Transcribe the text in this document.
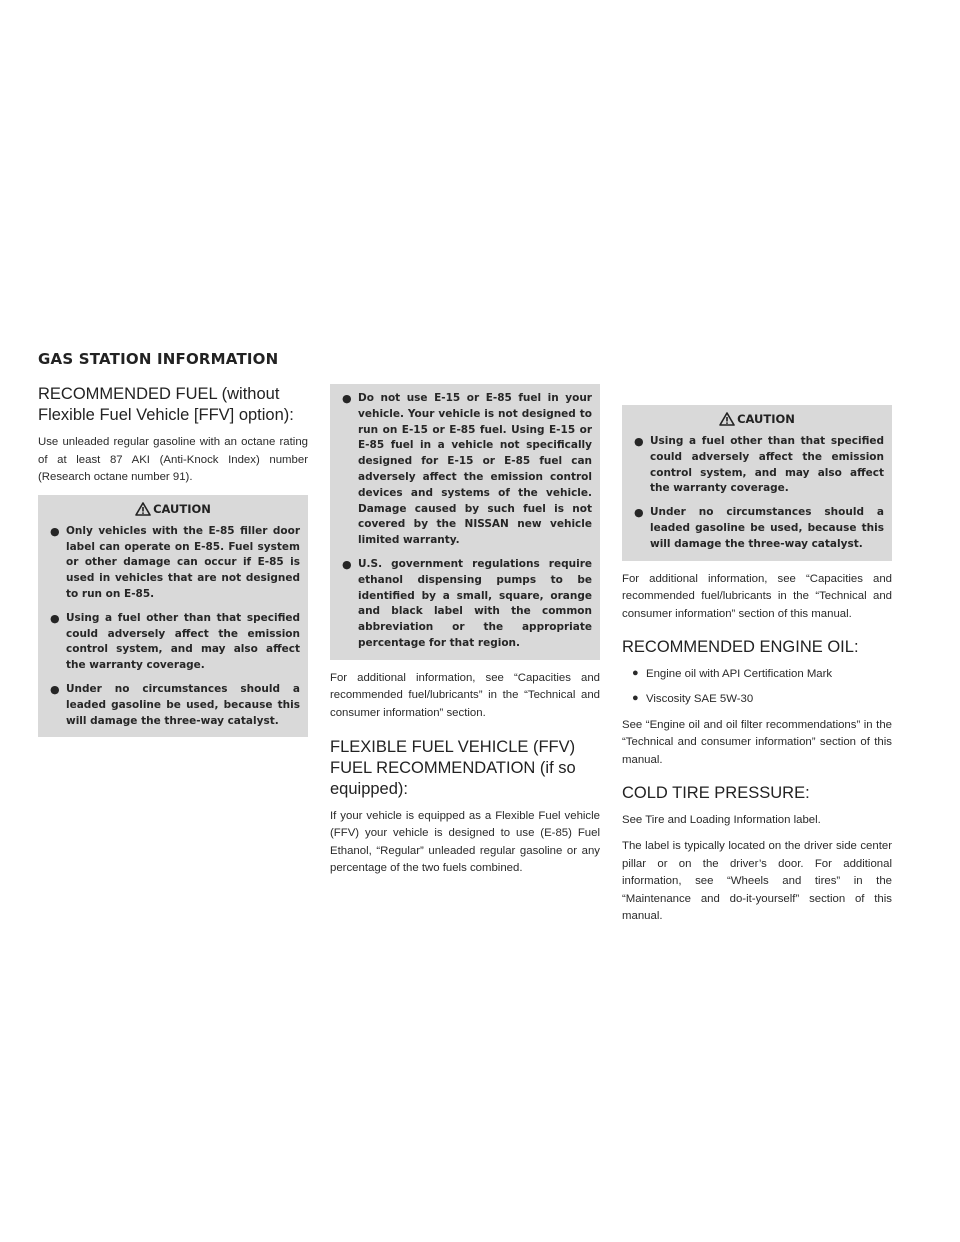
GAS STATION INFORMATION
RECOMMENDED FUEL (without Flexible Fuel Vehicle [FFV] option):

Use unleaded regular gasoline with an octane rating of at least 87 AKI (Anti-Knock Index) number (Research octane number 91).

CAUTION
● Only vehicles with the E-85 filler door label can operate on E-85. Fuel system or other damage can occur if E-85 is used in vehicles that are not designed to run on E-85.
● Using a fuel other than that specified could adversely affect the emission control system, and may also affect the warranty coverage.
● Under no circumstances should a leaded gasoline be used, because this will damage the three-way catalyst.
● Do not use E-15 or E-85 fuel in your vehicle. Your vehicle is not designed to run on E-15 or E-85 fuel. Using E-15 or E-85 fuel in a vehicle not specifically designed for E-15 or E-85 fuel can adversely affect the emission control devices and systems of the vehicle. Damage caused by such fuel is not covered by the NISSAN new vehicle limited warranty.
● U.S. government regulations require ethanol dispensing pumps to be identified by a small, square, orange and black label with the common abbreviation or the appropriate percentage for that region.

For additional information, see “Capacities and recommended fuel/lubricants” in the “Technical and consumer information” section.

FLEXIBLE FUEL VEHICLE (FFV) FUEL RECOMMENDATION (if so equipped):

If your vehicle is equipped as a Flexible Fuel vehicle (FFV) your vehicle is designed to use (E-85) Fuel Ethanol, “Regular” unleaded regular gasoline or any percentage of the two fuels combined.

CAUTION
● Using a fuel other than that specified could adversely affect the emission control system, and may also affect the warranty coverage.
● Under no circumstances should a leaded gasoline be used, because this will damage the three-way catalyst.

For additional information, see “Capacities and recommended fuel/lubricants in the “Technical and consumer information” section of this manual.

RECOMMENDED ENGINE OIL:
● Engine oil with API Certification Mark
● Viscosity SAE 5W-30

See “Engine oil and oil filter recommendations” in the “Technical and consumer information” section of this manual.

COLD TIRE PRESSURE:

See Tire and Loading Information label.

The label is typically located on the driver side center pillar or on the driver’s door. For additional information, see “Wheels and tires” in the “Maintenance and do-it-yourself” section of this manual.
